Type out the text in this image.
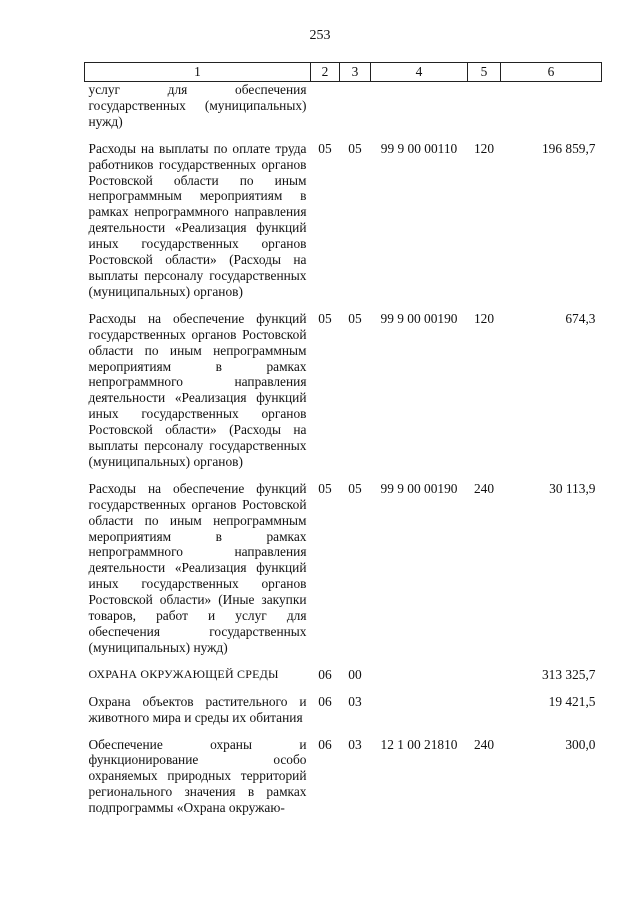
253
1	2	3	4	5	6
услуг для обеспечения государственных (муниципальных) нужд)					
Расходы на выплаты по оплате труда работников государственных органов Ростовской области по иным непрограммным мероприятиям в рамках непрограммного направления деятельности «Реализация функций иных государственных органов Ростовской области» (Расходы на выплаты персоналу государственных (муниципальных) органов)	05	05	99 9 00 00110	120	196 859,7
Расходы на обеспечение функций государственных органов Ростовской области по иным непрограммным мероприятиям в рамках непрограммного направления деятельности «Реализация функций иных государственных органов Ростовской области» (Расходы на выплаты персоналу государственных (муниципальных) органов)	05	05	99 9 00 00190	120	674,3
Расходы на обеспечение функций государственных органов Ростовской области по иным непрограммным мероприятиям в рамках непрограммного направления деятельности «Реализация функций иных государственных органов Ростовской области» (Иные закупки товаров, работ и услуг для обеспечения государственных (муниципальных) нужд)	05	05	99 9 00 00190	240	30 113,9
ОХРАНА ОКРУЖАЮЩЕЙ СРЕДЫ	06	00			313 325,7
Охрана объектов растительного и животного мира и среды их обитания	06	03			19 421,5
Обеспечение охраны и функционирование особо охраняемых природных территорий регионального значения в рамках подпрограммы «Охрана окружаю-	06	03	12 1 00 21810	240	300,0
